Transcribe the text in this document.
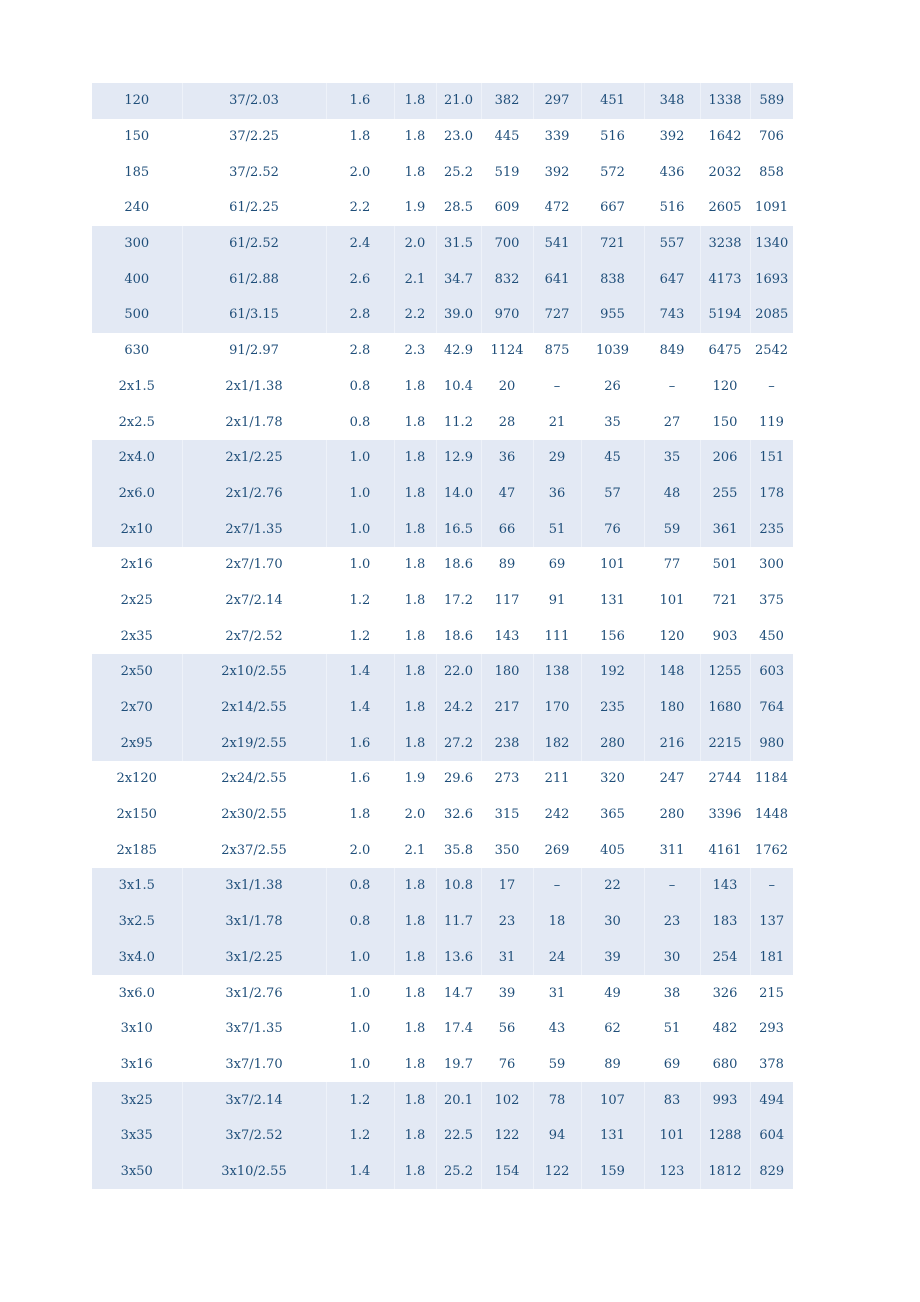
120	37/2.03	1.6	1.8	21.0	382	297	451	348	1338	589
150	37/2.25	1.8	1.8	23.0	445	339	516	392	1642	706
185	37/2.52	2.0	1.8	25.2	519	392	572	436	2032	858
240	61/2.25	2.2	1.9	28.5	609	472	667	516	2605	1091
300	61/2.52	2.4	2.0	31.5	700	541	721	557	3238	1340
400	61/2.88	2.6	2.1	34.7	832	641	838	647	4173	1693
500	61/3.15	2.8	2.2	39.0	970	727	955	743	5194	2085
630	91/2.97	2.8	2.3	42.9	1124	875	1039	849	6475	2542
2x1.5	2x1/1.38	0.8	1.8	10.4	20	–	26	–	120	–
2x2.5	2x1/1.78	0.8	1.8	11.2	28	21	35	27	150	119
2x4.0	2x1/2.25	1.0	1.8	12.9	36	29	45	35	206	151
2x6.0	2x1/2.76	1.0	1.8	14.0	47	36	57	48	255	178
2x10	2x7/1.35	1.0	1.8	16.5	66	51	76	59	361	235
2x16	2x7/1.70	1.0	1.8	18.6	89	69	101	77	501	300
2x25	2x7/2.14	1.2	1.8	17.2	117	91	131	101	721	375
2x35	2x7/2.52	1.2	1.8	18.6	143	111	156	120	903	450
2x50	2x10/2.55	1.4	1.8	22.0	180	138	192	148	1255	603
2x70	2x14/2.55	1.4	1.8	24.2	217	170	235	180	1680	764
2x95	2x19/2.55	1.6	1.8	27.2	238	182	280	216	2215	980
2x120	2x24/2.55	1.6	1.9	29.6	273	211	320	247	2744	1184
2x150	2x30/2.55	1.8	2.0	32.6	315	242	365	280	3396	1448
2x185	2x37/2.55	2.0	2.1	35.8	350	269	405	311	4161	1762
3x1.5	3x1/1.38	0.8	1.8	10.8	17	–	22	–	143	–
3x2.5	3x1/1.78	0.8	1.8	11.7	23	18	30	23	183	137
3x4.0	3x1/2.25	1.0	1.8	13.6	31	24	39	30	254	181
3x6.0	3x1/2.76	1.0	1.8	14.7	39	31	49	38	326	215
3x10	3x7/1.35	1.0	1.8	17.4	56	43	62	51	482	293
3x16	3x7/1.70	1.0	1.8	19.7	76	59	89	69	680	378
3x25	3x7/2.14	1.2	1.8	20.1	102	78	107	83	993	494
3x35	3x7/2.52	1.2	1.8	22.5	122	94	131	101	1288	604
3x50	3x10/2.55	1.4	1.8	25.2	154	122	159	123	1812	829
